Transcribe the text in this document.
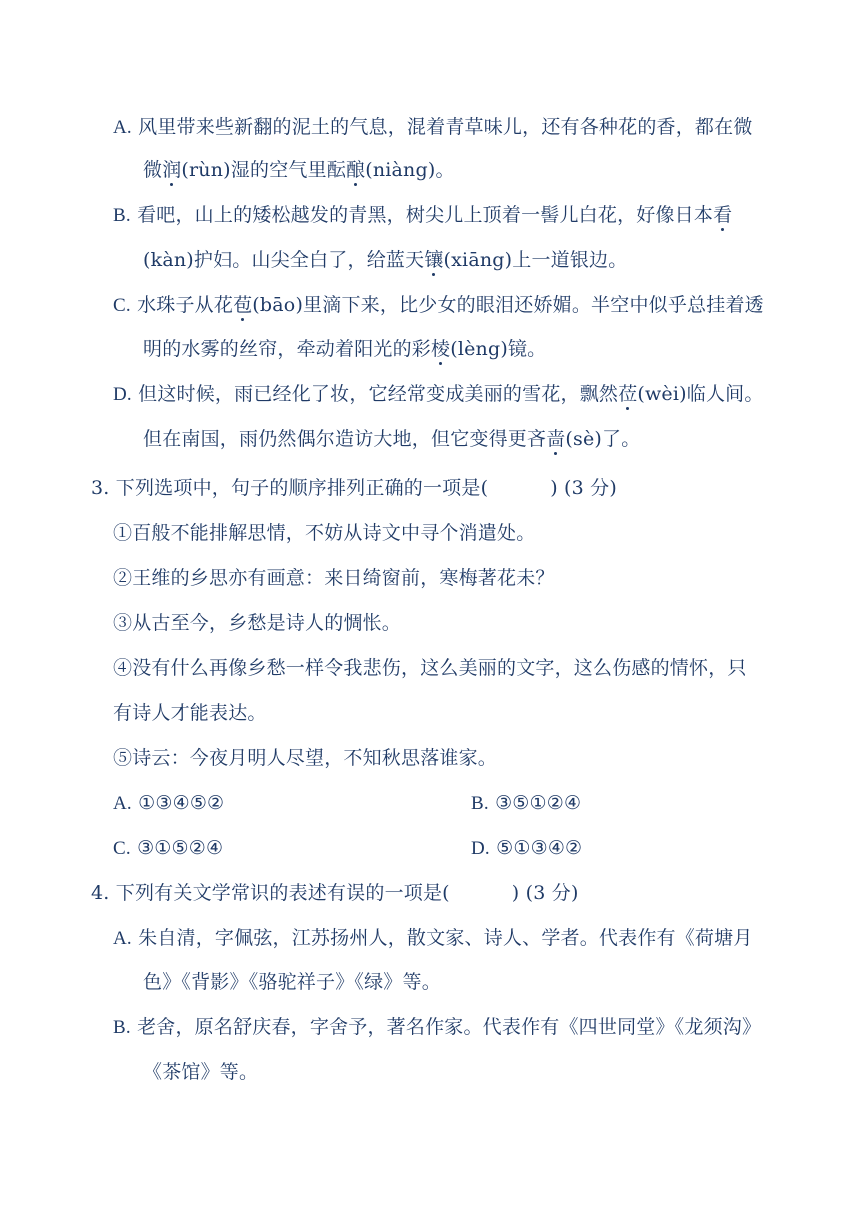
A. 风里带来些新翻的泥土的气息，混着青草味儿，还有各种花的香，都在微
微润(rùn)湿的空气里酝酿(niàng)。
B. 看吧，山上的矮松越发的青黑，树尖儿上顶着一髻儿白花，好像日本看
(kàn)护妇。山尖全白了，给蓝天镶(xiāng)上一道银边。
C. 水珠子从花苞(bāo)里滴下来，比少女的眼泪还娇媚。半空中似乎总挂着透
明的水雾的丝帘，牵动着阳光的彩棱(lèng)镜。
D. 但这时候，雨已经化了妆，它经常变成美丽的雪花，飘然莅(wèi)临人间。
但在南国，雨仍然偶尔造访大地，但它变得更吝啬(sè)了。
3. 下列选项中，句子的顺序排列正确的一项是(	) (3 分)
①百般不能排解思情，不妨从诗文中寻个消遣处。
②王维的乡思亦有画意：来日绮窗前，寒梅著花未？
③从古至今，乡愁是诗人的惆怅。
④没有什么再像乡愁一样令我悲伤，这么美丽的文字，这么伤感的情怀，只
有诗人才能表达。
⑤诗云：今夜月明人尽望，不知秋思落谁家。
A. ①③④⑤②	B. ③⑤①②④
C. ③①⑤②④	D. ⑤①③④②
4. 下列有关文学常识的表述有误的一项是(	) (3 分)
A. 朱自清，字佩弦，江苏扬州人，散文家、诗人、学者。代表作有《荷塘月
色》《背影》《骆驼祥子》《绿》等。
B. 老舍，原名舒庆春，字舍予，著名作家。代表作有《四世同堂》《龙须沟》
《茶馆》等。
